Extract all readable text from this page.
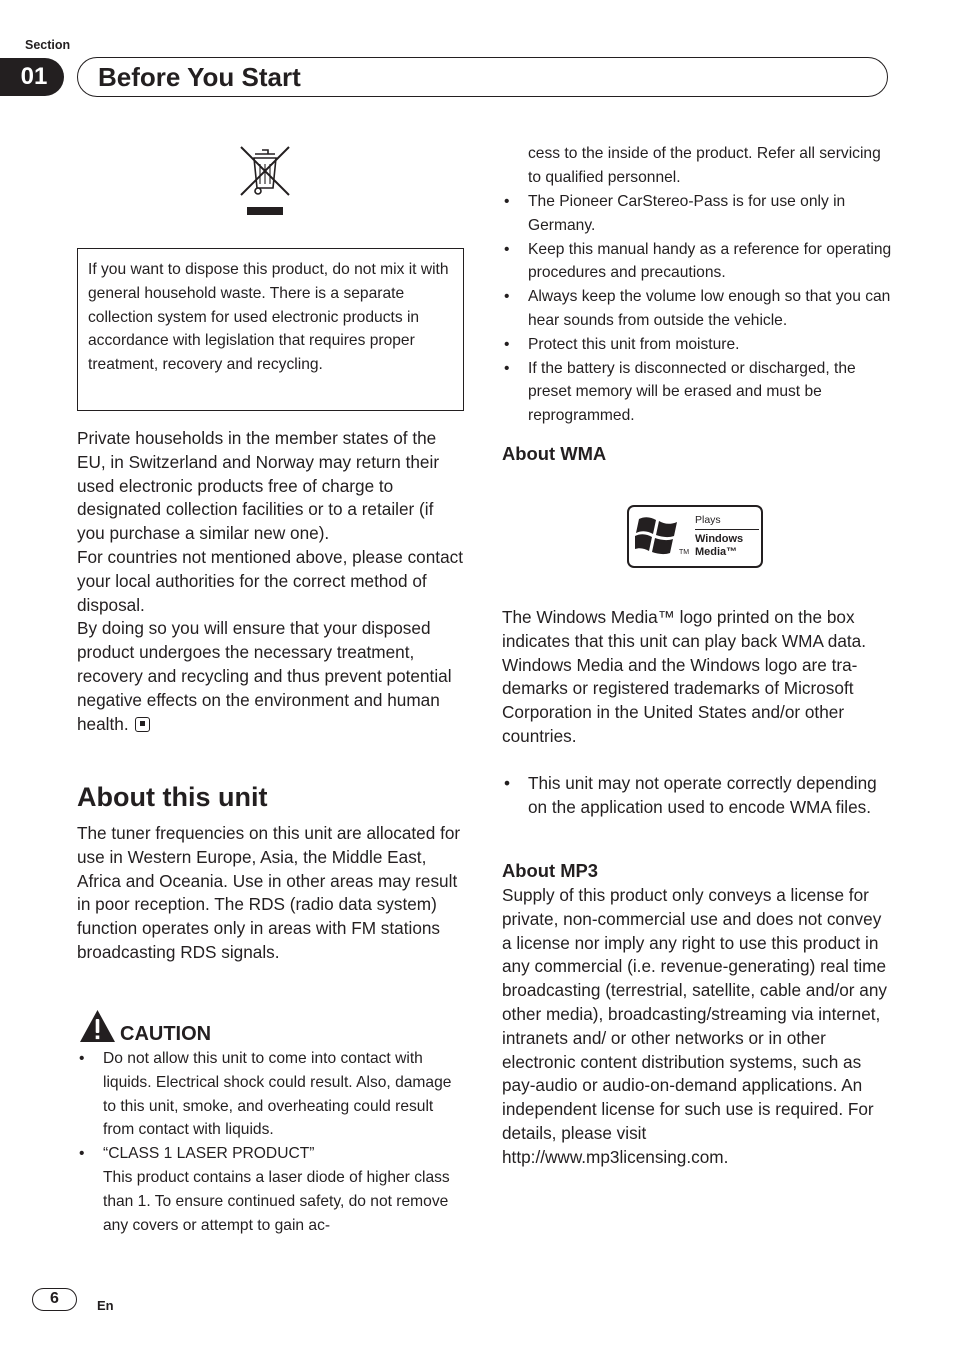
Section
01	Before You Start

If you want to dispose this product, do not mix it with general household waste. There is a separate collection system for used electronic products in accordance with legislation that requires proper treatment, recovery and recycling.

Private households in the member states of the EU, in Switzerland and Norway may return their used electronic products free of charge to designated collection facilities or to a retailer (if you purchase a similar new one).

For countries not mentioned above, please contact your local authorities for the correct method of disposal.

By doing so you will ensure that your disposed product undergoes the necessary treatment, recovery and recycling and thus prevent potential negative effects on the environment and human health.

About this unit

The tuner frequencies on this unit are allocated for use in Western Europe, Asia, the Middle East, Africa and Oceania. Use in other areas may result in poor reception. The RDS (radio data system) function operates only in areas with FM stations broadcasting RDS signals.

CAUTION
• Do not allow this unit to come into contact with liquids. Electrical shock could result. Also, damage to this unit, smoke, and overheating could result from contact with liquids.
• “CLASS 1 LASER PRODUCT”
This product contains a laser diode of higher class than 1. To ensure continued safety, do not remove any covers or attempt to gain ac-
cess to the inside of the product. Refer all servicing to qualified personnel.
• The Pioneer CarStereo-Pass is for use only in Germany.
• Keep this manual handy as a reference for operating procedures and precautions.
• Always keep the volume low enough so that you can hear sounds from outside the vehicle.
• Protect this unit from moisture.
• If the battery is disconnected or discharged, the preset memory will be erased and must be reprogrammed.
About WMA
Plays
Windows
Media™
TM

The Windows Media™ logo printed on the box indicates that this unit can play back WMA data.

Windows Media and the Windows logo are trademarks or registered trademarks of Microsoft Corporation in the United States and/or other countries.

• This unit may not operate correctly depending on the application used to encode WMA files.
About MP3

Supply of this product only conveys a license for private, non-commercial use and does not convey a license nor imply any right to use this product in any commercial (i.e. revenue-generating) real time broadcasting (terrestrial, satellite, cable and/or any other media), broadcasting/streaming via internet, intranets and/ or other networks or in other electronic content distribution systems, such as pay-audio or audio-on-demand applications. An independent license for such use is required. For details, please visit

http://www.mp3licensing.com.

6	En
